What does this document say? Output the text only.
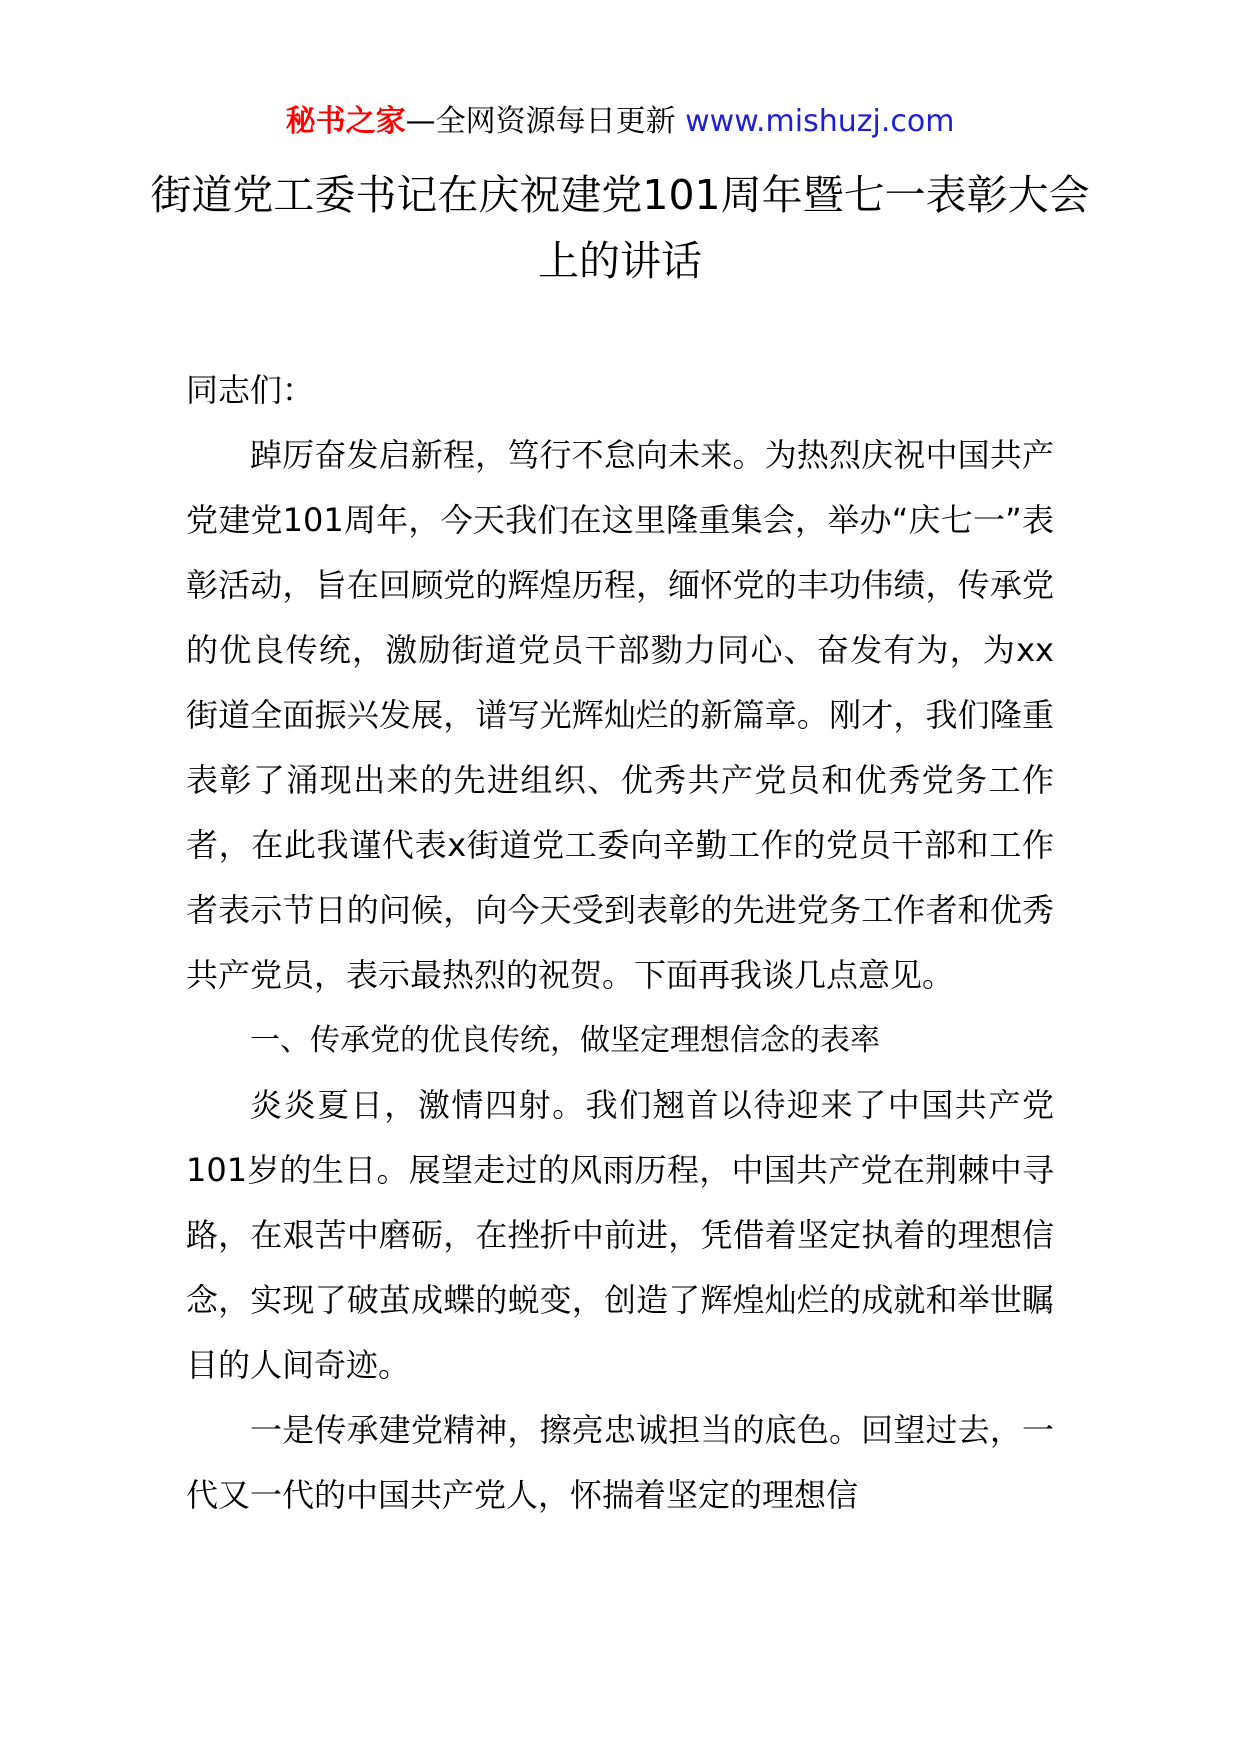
秘书之家—全网资源每日更新 www.mishuzj.com
街道党工委书记在庆祝建党101周年暨七一表彰大会上的讲话

同志们：

踔厉奋发启新程，笃行不怠向未来。为热烈庆祝中国共产党建党101周年，今天我们在这里隆重集会，举办“庆七一”表彰活动，旨在回顾党的辉煌历程，缅怀党的丰功伟绩，传承党的优良传统，激励街道党员干部勠力同心、奋发有为，为xx街道全面振兴发展，谱写光辉灿烂的新篇章。刚才，我们隆重表彰了涌现出来的先进组织、优秀共产党员和优秀党务工作者，在此我谨代表x街道党工委向辛勤工作的党员干部和工作者表示节日的问候，向今天受到表彰的先进党务工作者和优秀共产党员，表示最热烈的祝贺。下面再我谈几点意见。

一、传承党的优良传统，做坚定理想信念的表率

炎炎夏日，激情四射。我们翘首以待迎来了中国共产党101岁的生日。展望走过的风雨历程，中国共产党在荆棘中寻路，在艰苦中磨砺，在挫折中前进，凭借着坚定执着的理想信念，实现了破茧成蝶的蜕变，创造了辉煌灿烂的成就和举世瞩目的人间奇迹。

一是传承建党精神，擦亮忠诚担当的底色。回望过去，一代又一代的中国共产党人，怀揣着坚定的理想信
